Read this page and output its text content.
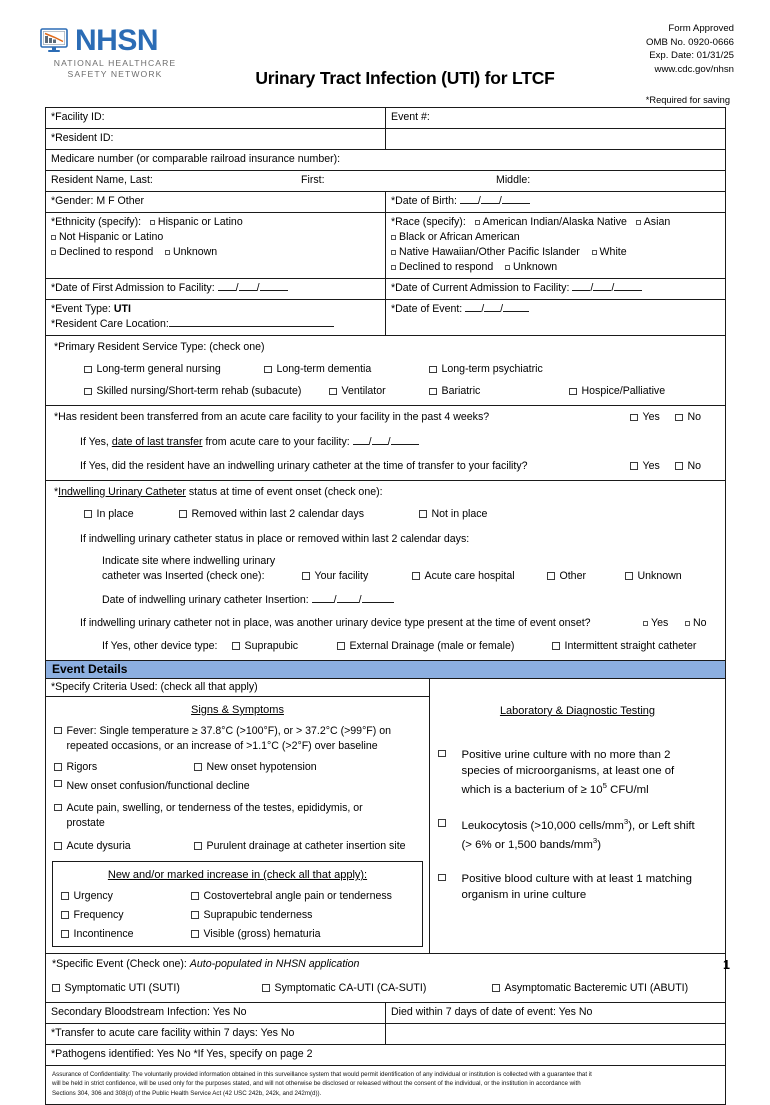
NHSN
NATIONAL HEALTHCARE
SAFETY NETWORK
Form Approved
OMB No. 0920-0666
Exp. Date: 01/31/25
www.cdc.gov/nhsn
Urinary Tract Infection (UTI) for LTCF
*Required for saving
*Facility ID:	Event #:
*Resident ID:

Medicare number (or comparable railroad insurance number):
Resident Name, Last:	First:	Middle:
*Gender: M F Other	*Date of Birth: / /
*Ethnicity (specify): Hispanic or Latino
Not Hispanic or Latino
Declined to respond Unknown
*Race (specify): American Indian/Alaska Native Asian
Black or African American
Native Hawaiian/Other Pacific Islander White
Declined to respond Unknown
*Date of First Admission to Facility: / /	*Date of Current Admission to Facility: / /
*Event Type: UTI
*Resident Care Location:
*Date of Event: / /
*Primary Resident Service Type: (check one)
Long-term general nursing	Long-term dementia	Long-term psychiatric
Skilled nursing/Short-term rehab (subacute)	Ventilator	Bariatric	Hospice/Palliative
*Has resident been transferred from an acute care facility to your facility in the past 4 weeks?	Yes	No
If Yes, date of last transfer from acute care to your facility: / /
If Yes, did the resident have an indwelling urinary catheter at the time of transfer to your facility?	Yes	No
*Indwelling Urinary Catheter status at time of event onset (check one):
In place	Removed within last 2 calendar days	Not in place
If indwelling urinary catheter status in place or removed within last 2 calendar days:
Indicate site where indwelling urinary
catheter was Inserted (check one):	Your facility	Acute care hospital	Other	Unknown
Date of indwelling urinary catheter Insertion: / /
If indwelling urinary catheter not in place, was another urinary device type present at the time of event onset?	Yes	No
If Yes, other device type:	Suprapubic	External Drainage (male or female)	Intermittent straight catheter
Event Details
*Specify Criteria Used: (check all that apply)
Signs & Symptoms
Fever: Single temperature ≥ 37.8°C (>100°F), or > 37.2°C (>99°F) on
repeated occasions, or an increase of >1.1°C (>2°F) over baseline
Rigors	New onset hypotension
New onset confusion/functional decline
Acute pain, swelling, or tenderness of the testes, epididymis, or
prostate
Acute dysuria	Purulent drainage at catheter insertion site
New and/or marked increase in (check all that apply):
Urgency	Costovertebral angle pain or tenderness
Frequency	Suprapubic tenderness
Incontinence	Visible (gross) hematuria
Laboratory & Diagnostic Testing
Positive urine culture with no more than 2
species of microorganisms, at least one of
which is a bacterium of ≥ $10^5$ CFU/ml
Leukocytosis (>10,000 cells/$mm^3$), or Left shift
(> 6% or 1,500 bands/$mm^3$)
Positive blood culture with at least 1 matching
organism in urine culture
*Specific Event (Check one): Auto-populated in NHSN application
Symptomatic UTI (SUTI)	Symptomatic CA-UTI (CA-SUTI)	Asymptomatic Bacteremic UTI (ABUTI)
Secondary Bloodstream Infection: Yes No	Died within 7 days of date of event: Yes No
*Transfer to acute care facility within 7 days: Yes No

*Pathogens identified: Yes No *If Yes, specify on page 2
Assurance of Confidentiality: The voluntarily provided information obtained in this surveillance system that would permit identification of any individual or institution is collected with a guarantee that it
will be held in strict confidence, will be used only for the purposes stated, and will not otherwise be disclosed or released without the consent of the individual, or the institution in accordance with
Sections 304, 306 and 308(d) of the Public Health Service Act (42 USC 242b, 242k, and 242m(d)).
1
